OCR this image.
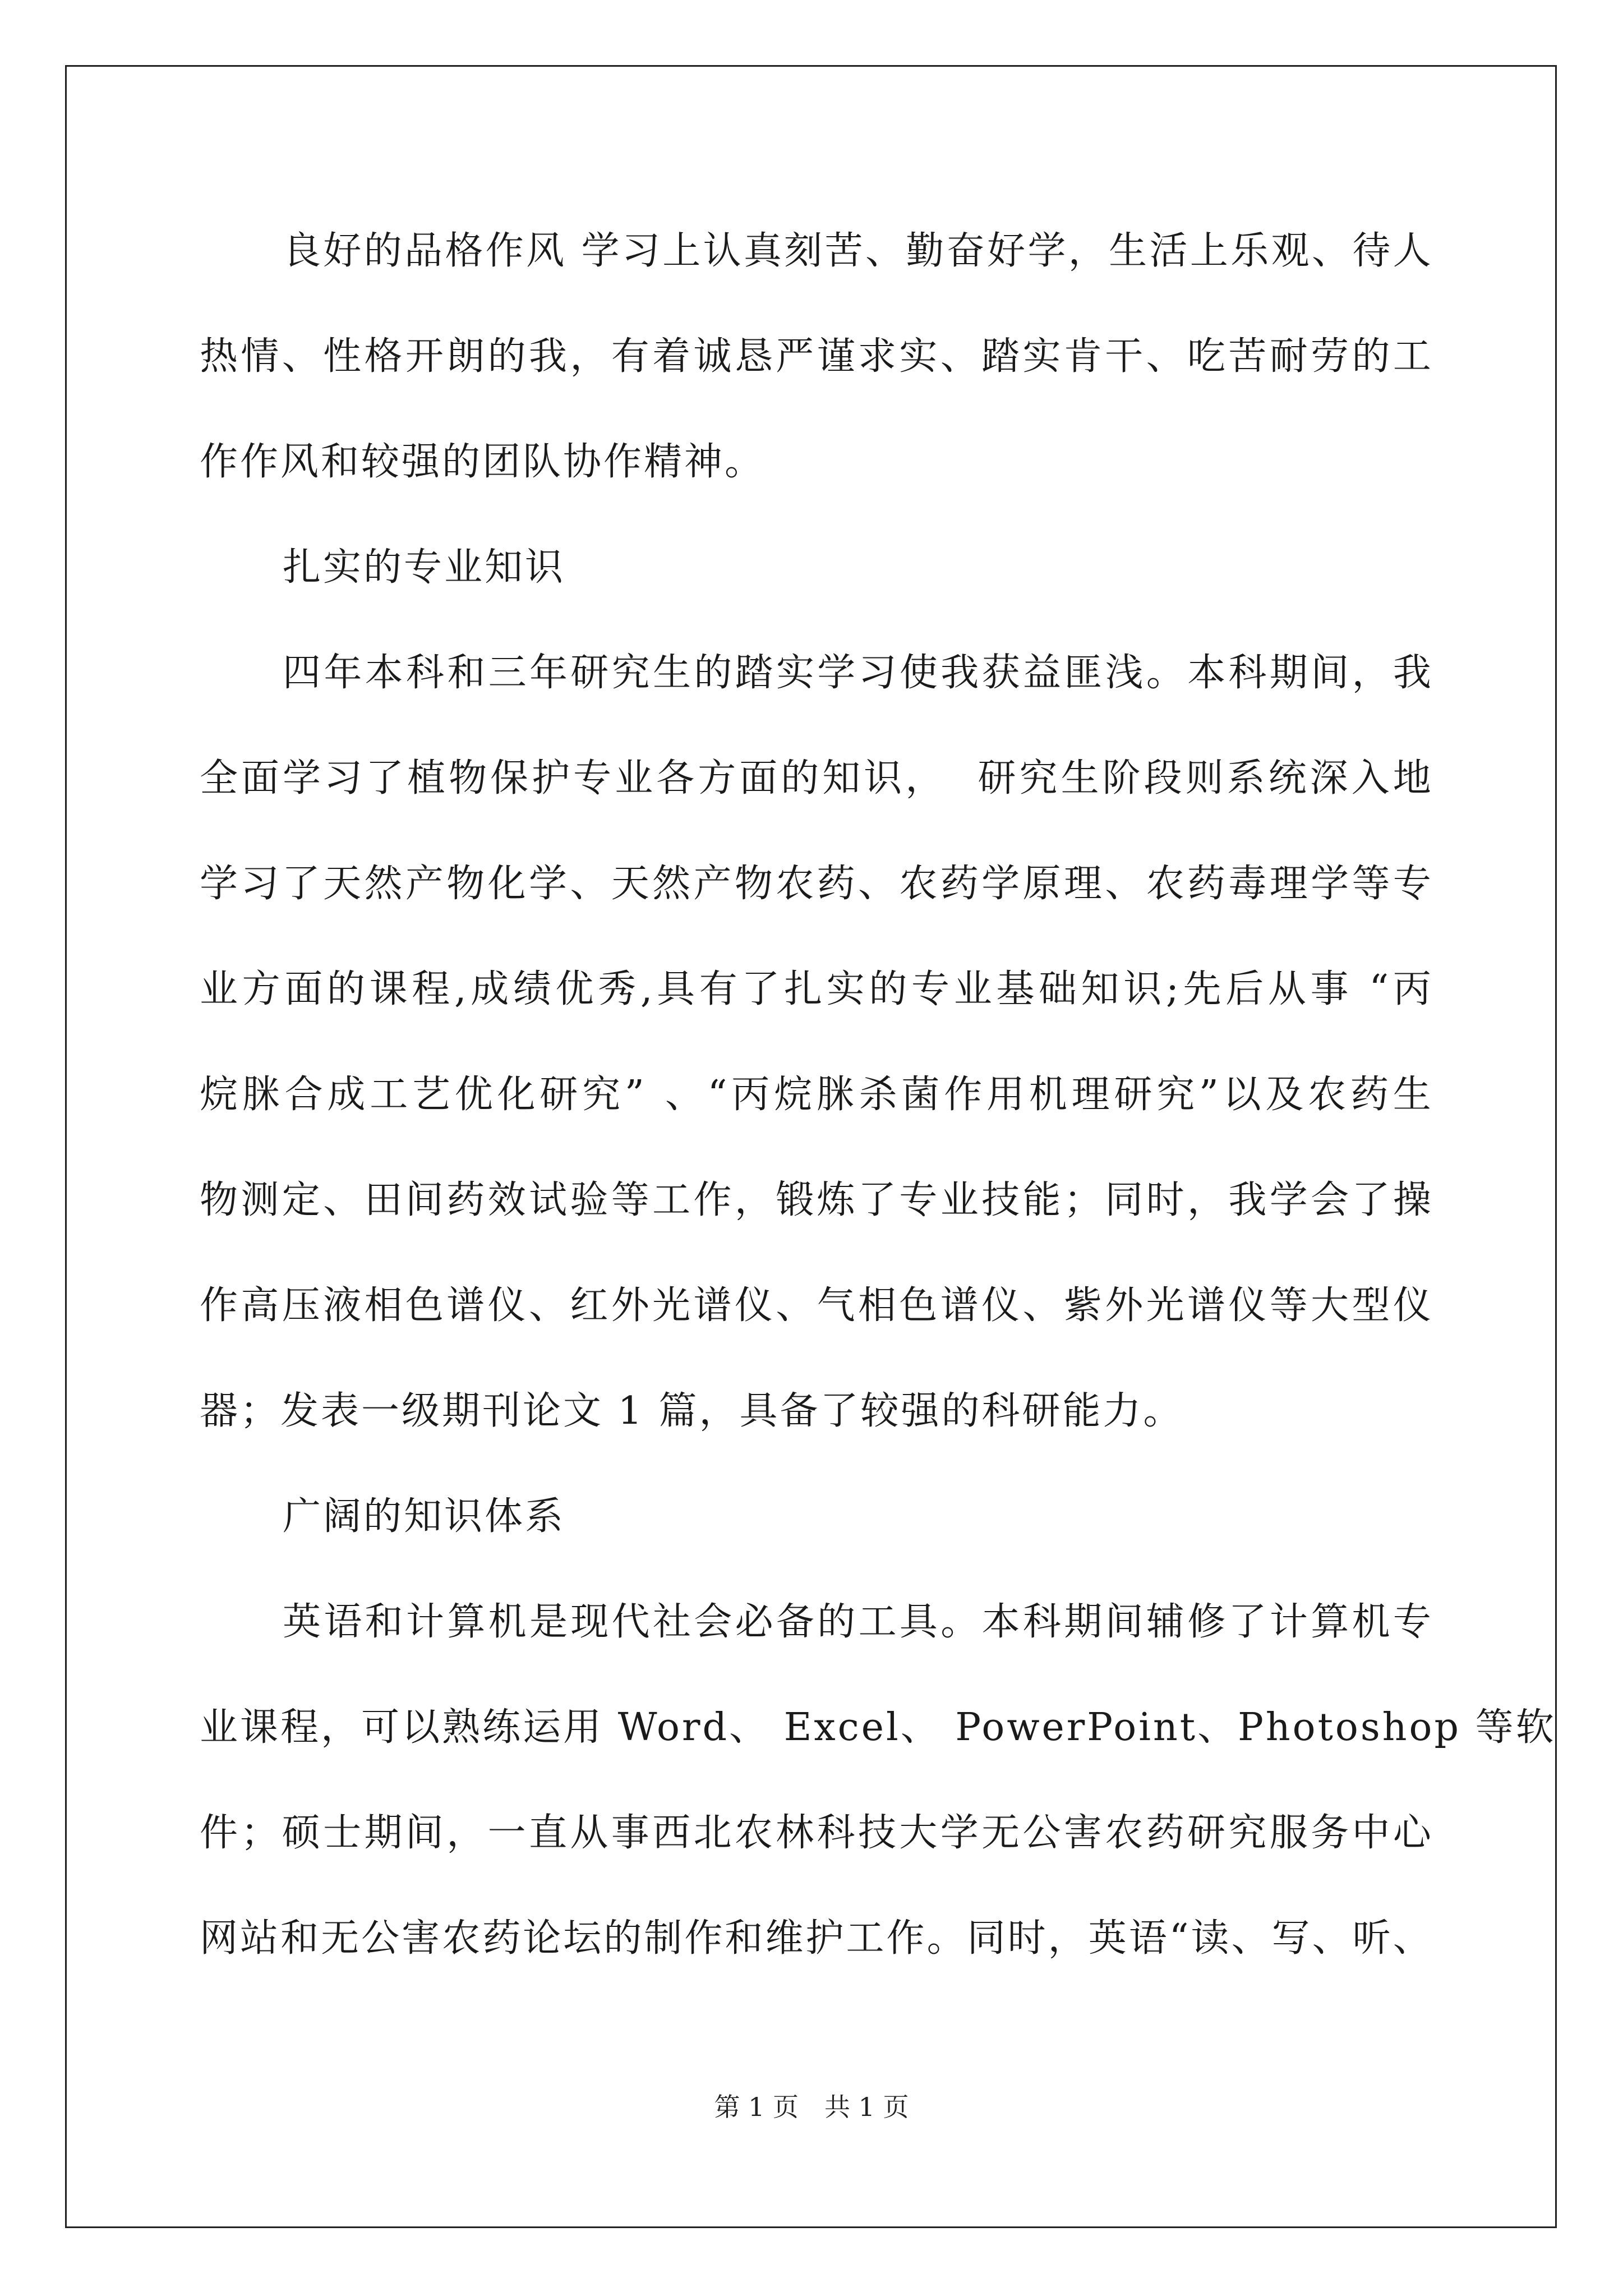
良 好 的 品 格 作 风
学 习 上 认 真 刻 苦 、 勤 奋 好 学 ， 生 活 上 乐 观 、 待 人
热 情 、 性 格 开 朗 的 我 ， 有 着 诚 恳 严 谨 求 实 、 踏 实 肯 干 、 吃 苦 耐 劳 的 工
作作风和较强的团队协作精神。
扎实的专业知识
四 年 本 科 和 三 年 研 究 生 的 踏 实 学 习 使 我 获 益 匪 浅 。 本 科 期 间 ， 我
全 面 学 习 了 植 物 保 护 专 业 各 方 面 的 知 识 ，

研 究 生 阶 段 则 系 统 深 入 地
学 习 了 天 然 产 物 化 学 、 天 然 产 物 农 药 、 农 药 学 原 理 、 农 药 毒 理 学 等 专
业 方 面 的 课 程 , 成 绩 优 秀 , 具 有 了 扎 实 的 专 业 基 础 知 识 ; 先 后 从 事
“ 丙
烷 脒 合 成 工 艺 优 化 研 究 ”
、 “ 丙 烷 脒 杀 菌 作 用 机 理 研 究 ” 以 及 农 药 生
物 测 定 、 田 间 药 效 试 验 等 工 作 ， 锻 炼 了 专 业 技 能 ； 同 时 ， 我 学 会 了 操
作 高 压 液 相 色 谱 仪 、 红 外 光 谱 仪 、 气 相 色 谱 仪 、 紫 外 光 谱 仪 等 大 型 仪
器；发表一级期刊论文 1 篇，具备了较强的科研能力。
广阔的知识体系
英 语 和 计 算 机 是 现 代 社 会 必 备 的 工 具 。 本 科 期 间 辅 修 了 计 算 机 专
业 课 程 ， 可 以 熟 练 运 用
Word 、
Excel 、
PowerPoint 、 Photoshop
等 软
件 ； 硕 士 期 间 ， 一 直 从 事 西 北 农 林 科 技 大 学 无 公 害 农 药 研 究 服 务 中 心
网 站 和 无 公 害 农 药 论 坛 的 制 作 和 维 护 工 作 。 同 时 ， 英 语 “ 读 、 写 、 听 、
第 1 页　共 1 页
